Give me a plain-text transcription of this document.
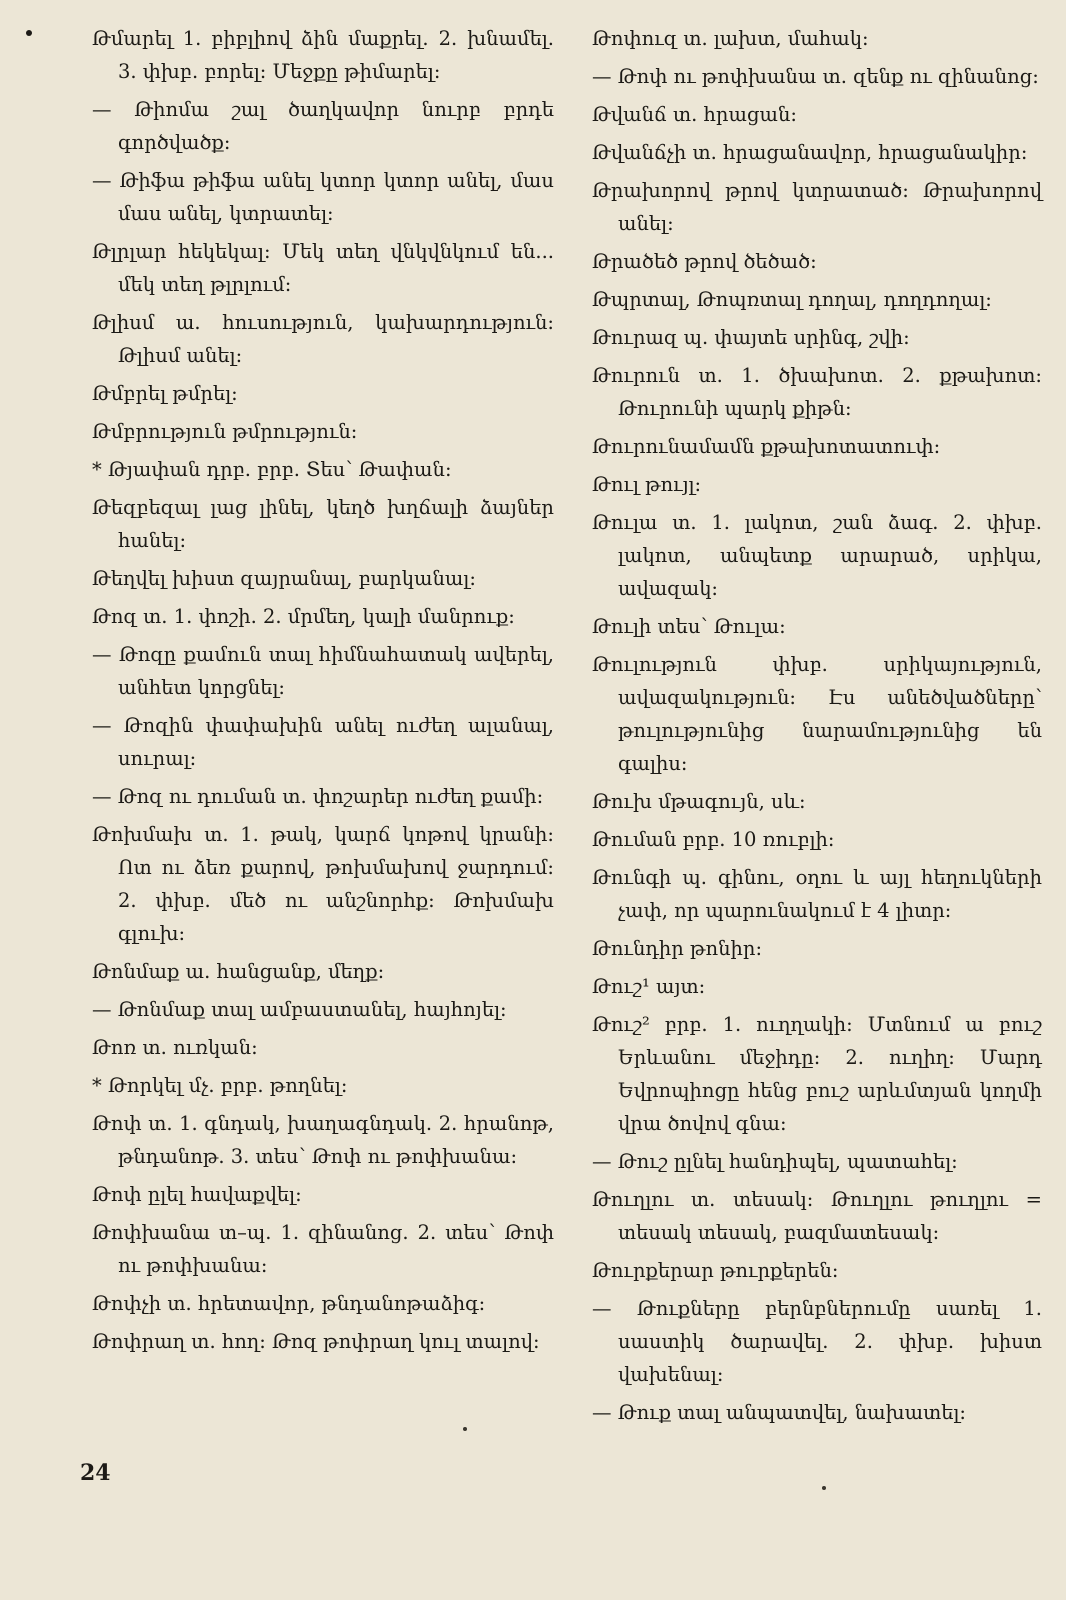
Թմարել 1. բիբլիով ձին մաքրել. 2. խնամել. 3. փխբ. բորել: Մեջքը թիմարել:
— Թիոմա շալ ծաղկավոր նուրբ բրդե գործվածք:
— Թիֆա թիֆա անել կտոր կտոր անել, մաս մաս անել, կտրատել:
Թլրլար հեկեկալ: Մեկ տեղ վնկվնկում են... մեկ տեղ թլրլում:
Թլիսմ ա. հուսություն, կախարդություն: Թլիսմ անել:
Թմբրել թմրել:
Թմբրություն թմրություն:
* Թյափան դրբ. բրբ. Տես՝ Թափան:
Թեզբեզալ լաց լինել, կեղծ խղճալի ձայներ հանել:
Թեղվել խիստ զայրանալ, բարկանալ:
Թոզ տ. 1. փոշի. 2. մրմեղ, կալի մանրուք:
— Թոզը քամուն տալ հիմնահատակ ավերել, անհետ կորցնել:
— Թոզին փափախին անել ուժեղ ալանալ, սուրալ:
— Թոզ ու դուման տ. փոշարեր ուժեղ քամի:
Թոխմախ տ. 1. թակ, կարճ կոթով կրանի: Ոտ ու ձեռ քարով, թոխմախով ջարդում: 2. փխբ. մեծ ու անշնորհք: Թոխմախ գլուխ:
Թոնմաք ա. հանցանք, մեղք:
— Թոնմաք տալ ամբաստանել, հայհոյել:
Թոռ տ. ուռկան:
* Թորկել մչ. բրբ. թողնել:
Թոփ տ. 1. գնդակ, խաղագնդակ. 2. հրանոթ, թնդանոթ. 3. տես՝ Թոփ ու թոփխանա:
Թոփ ըլել հավաքվել:
Թոփխանա տ–պ. 1. զինանոց. 2. տես՝ Թոփ ու թոփխանա:
Թոփչի տ. հրետավոր, թնդանոթաձիգ:
Թոփրաղ տ. հող: Թոզ թոփրաղ կուլ տալով:
Թոփուզ տ. լախտ, մահակ:
— Թոփ ու թոփխանա տ. զենք ու զինանոց:
Թվանճ տ. հրացան:
Թվանճչի տ. հրացանավոր, հրացանակիր:
Թրախորով թրով կտրատած: Թրախորով անել:
Թրածեծ թրով ծեծած:
Թպրտալ, Թոպռտալ դողալ, դողդողալ:
Թուրազ պ. փայտե սրինգ, շվի:
Թուրուն տ. 1. ծխախոտ. 2. քթախոտ: Թուրունի պարկ քիթն:
Թուրունամամն քթախոտատուփ:
Թուլ թույլ:
Թուլա տ. 1. լակոտ, շան ձագ. 2. փխբ. լակոտ, անպետք արարած, սրիկա, ավազակ:
Թուլի տես՝ Թուլա:
Թուլություն փխբ. սրիկայություն, ավազակություն: Էս անեծվածները՝ թուլությունից նարամությունից են գալիս:
Թուխ մթագույն, սև:
Թուման բրբ. 10 ռուբլի:
Թունգի պ. գինու, օղու և այլ հեղուկների չափ, որ պարունակում է 4 լիտր:
Թունդիր թոնիր:
Թուշ¹ այտ:
Թուշ² բրբ. 1. ուղղակի: Մտնում ա բուշ Երևանու մեջիդը: 2. ուղիղ: Մարդ Եվրոպիոցը հենց բուշ արևմտյան կողմի վրա ծովով գնա:
— Թուշ ըլնել հանդիպել, պատահել:
Թուղլու տ. տեսակ: Թուղլու թուղլու = տեսակ տեսակ, բազմատեսակ:
Թուրքերար թուրքերեն:
— Թուքները բերնբներումը սառել 1. սաստիկ ծարավել. 2. փխբ. խիստ վախենալ:
— Թուք տալ անպատվել, նախատել:
24
